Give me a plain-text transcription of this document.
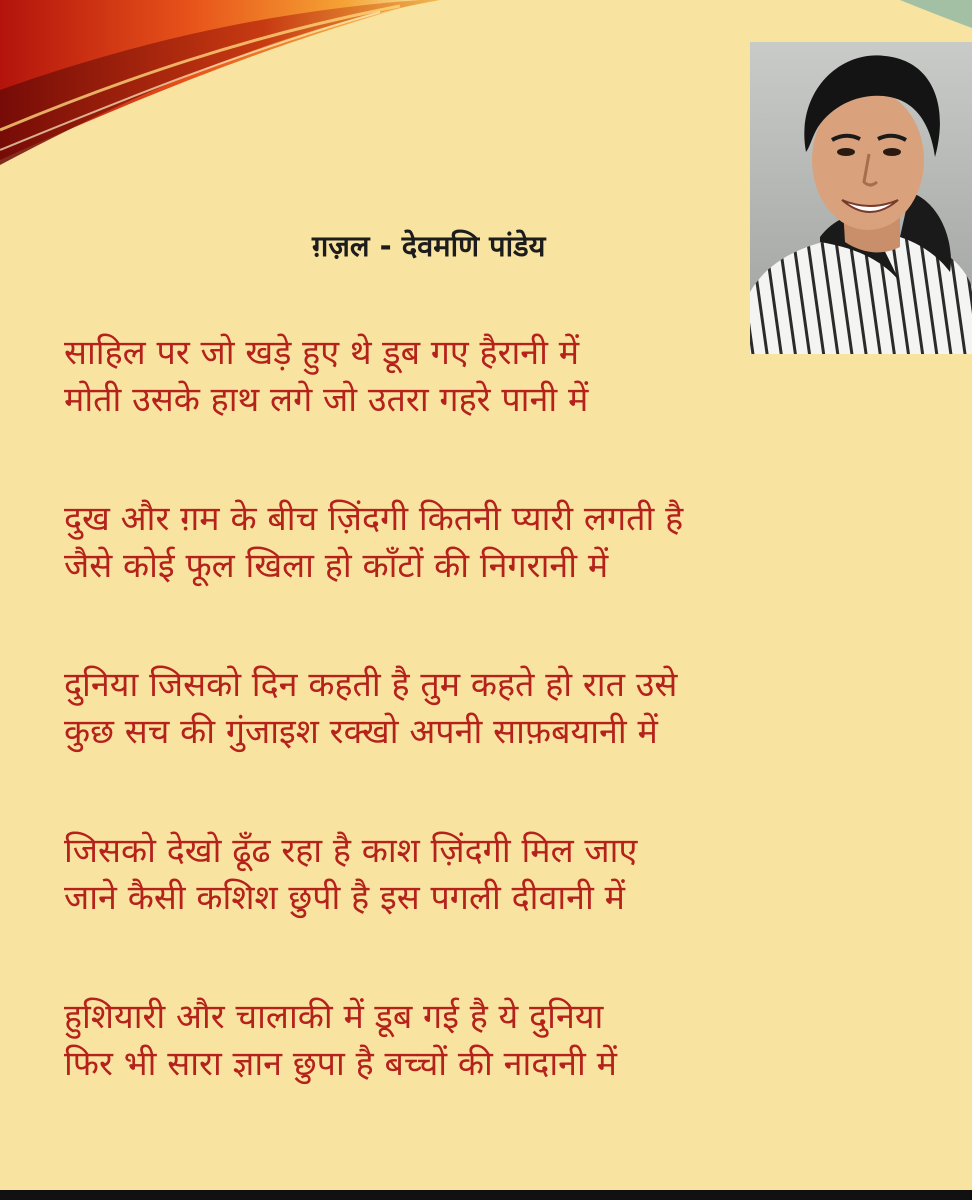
ग़ज़ल - देवमणि पांडेय
साहिल पर जो खड़े हुए थे डूब गए हैरानी में
मोती उसके हाथ लगे जो उतरा गहरे पानी में
दुख और ग़म के बीच ज़िंदगी कितनी प्यारी लगती है
जैसे कोई फूल खिला हो काँटों की निगरानी में
दुनिया जिसको दिन कहती है तुम कहते हो रात उसे
कुछ सच की गुंजाइश रक्खो अपनी साफ़बयानी में
जिसको देखो ढूँढ रहा है काश ज़िंदगी मिल जाए
जाने कैसी कशिश छुपी है इस पगली दीवानी में
हुशियारी और चालाकी में डूब गई है ये दुनिया
फिर भी सारा ज्ञान छुपा है बच्चों की नादानी में
